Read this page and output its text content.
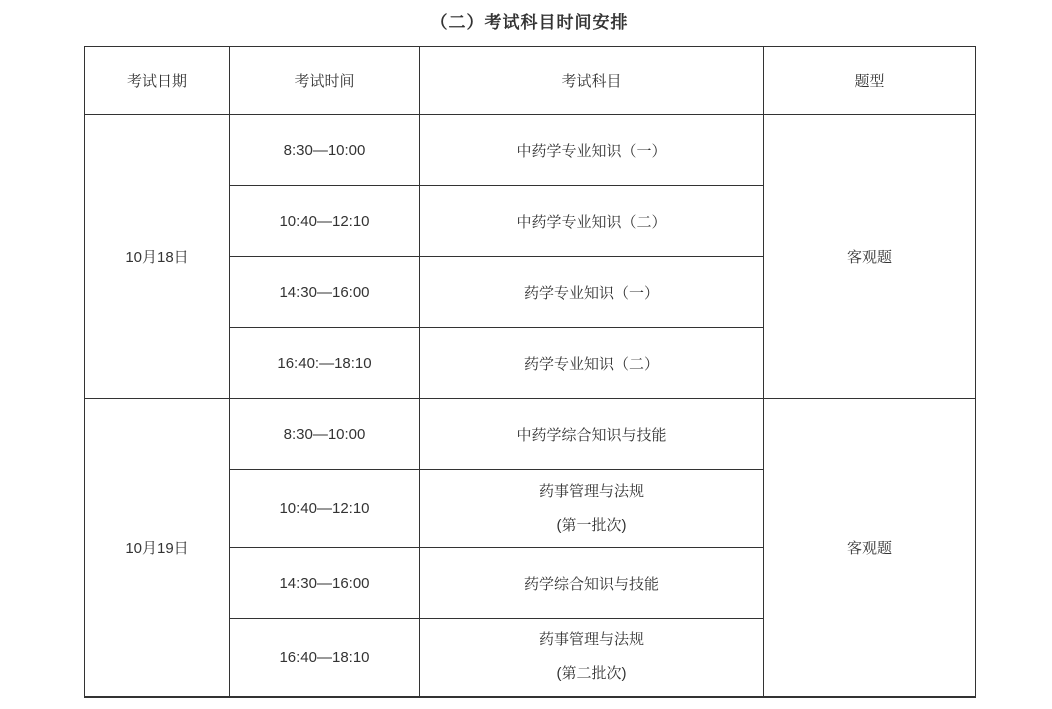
（二）考试科目时间安排
考试日期	考试时间	考试科目	题型
10月18日	8:30—10:00	中药学专业知识（一）	客观题
	10:40—12:10	中药学专业知识（二）	
	14:30—16:00	药学专业知识（一）	
	16:40:—18:10	药学专业知识（二）	
10月19日	8:30—10:00	中药学综合知识与技能	客观题
	10:40—12:10	药事管理与法规
(第一批次)	

	14:30—16:00	药学综合知识与技能	
	16:40—18:10	药事管理与法规
(第二批次)	
